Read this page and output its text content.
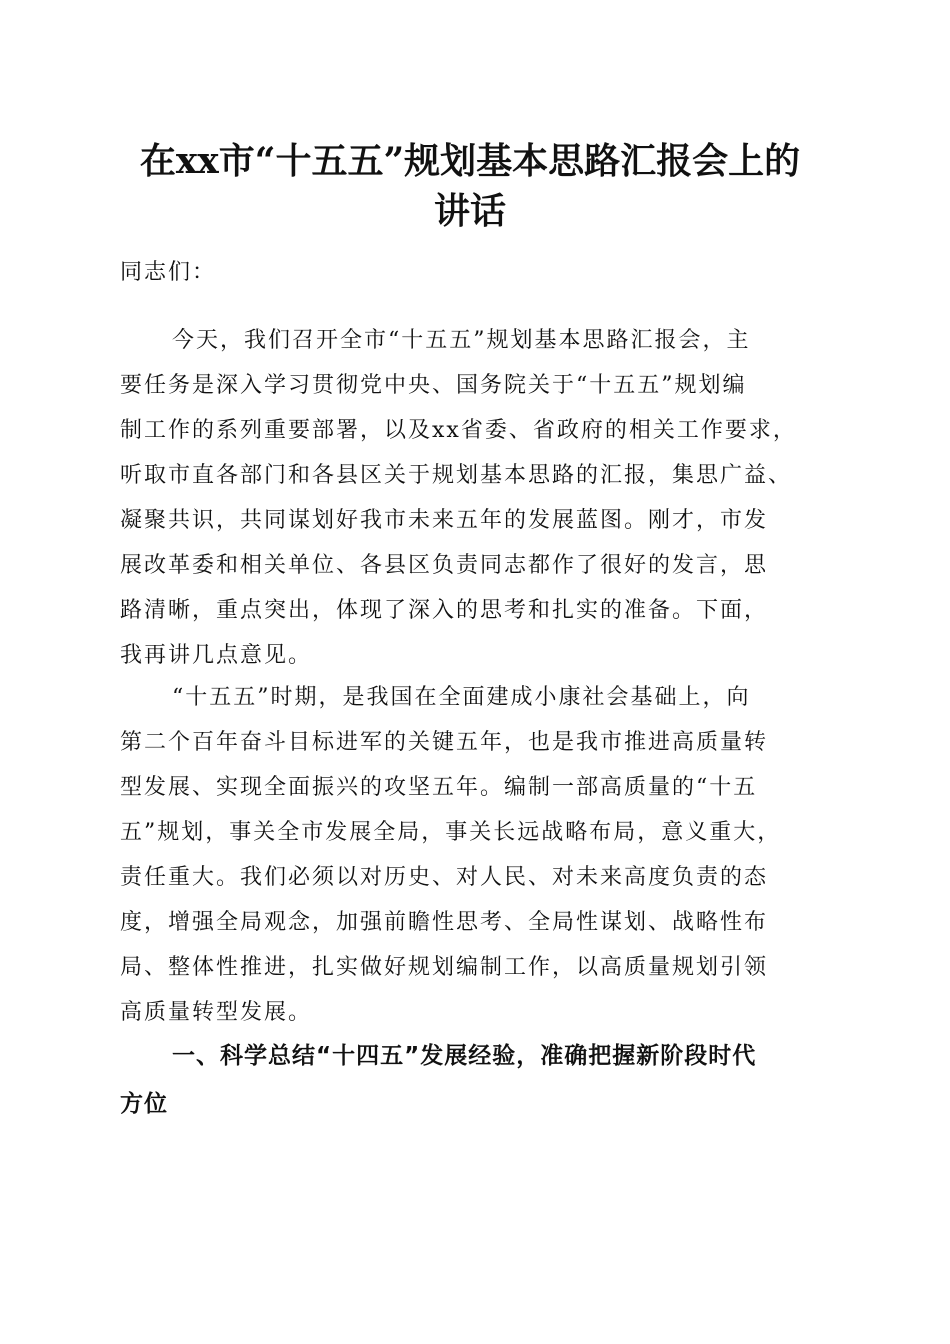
在xx市“十五五”规划基本思路汇报会上的
讲话

同志们：

今天，我们召开全市“十五五”规划基本思路汇报会，主
要任务是深入学习贯彻党中央、国务院关于“十五五”规划编
制工作的系列重要部署，以及xx省委、省政府的相关工作要求，
听取市直各部门和各县区关于规划基本思路的汇报，集思广益、
凝聚共识，共同谋划好我市未来五年的发展蓝图。刚才，市发
展改革委和相关单位、各县区负责同志都作了很好的发言，思
路清晰，重点突出，体现了深入的思考和扎实的准备。下面，
我再讲几点意见。
“十五五”时期，是我国在全面建成小康社会基础上，向
第二个百年奋斗目标进军的关键五年，也是我市推进高质量转
型发展、实现全面振兴的攻坚五年。编制一部高质量的“十五
五”规划，事关全市发展全局，事关长远战略布局，意义重大，
责任重大。我们必须以对历史、对人民、对未来高度负责的态
度，增强全局观念，加强前瞻性思考、全局性谋划、战略性布
局、整体性推进，扎实做好规划编制工作，以高质量规划引领
高质量转型发展。
一、科学总结“十四五”发展经验，准确把握新阶段时代
方位
